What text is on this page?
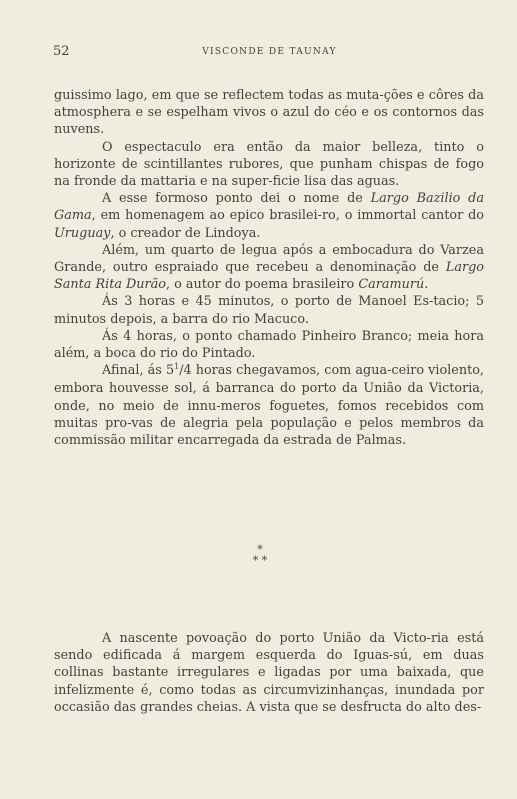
52	VISCONDE DE TAUNAY

guissimo lago, em que se reflectem todas as muta-ções e côres da atmosphera e se espelham vivos o azul do céo e os contornos das nuvens.

O espectaculo era então da maior belleza, tinto o horizonte de scintillantes rubores, que punham chispas de fogo na fronde da mattaria e na super-ficie lisa das aguas.

A esse formoso ponto dei o nome de Largo Bazilio da Gama, em homenagem ao epico brasilei-ro, o immortal cantor do Uruguay, o creador de Lindoya.

Além, um quarto de legua após a embocadura do Varzea Grande, outro espraiado que recebeu a denominação de Largo Santa Rita Durão, o autor do poema brasileiro Caramurú.

Ás 3 horas e 45 minutos, o porto de Manoel Es-tacio; 5 minutos depois, a barra do rio Macuco.

Ás 4 horas, o ponto chamado Pinheiro Branco; meia hora além, a boca do rio do Pintado.

Afinal, ás $5^1/4$ horas chegavamos, com agua-ceiro violento, embora houvesse sol, á barranca do porto da União da Victoria, onde, no meio de innu-meros foguetes, fomos recebidos com muitas pro-vas de alegria pela população e pelos membros da commissão militar encarregada da estrada de Palmas.

*
* *

A nascente povoação do porto União da Victo-ria está sendo edificada á margem esquerda do Iguas-sú, em duas collinas bastante irregulares e ligadas por uma baixada, que infelizmente é, como todas as circumvizinhanças, inundada por occasião das grandes cheias. A vista que se desfructa do alto des-
